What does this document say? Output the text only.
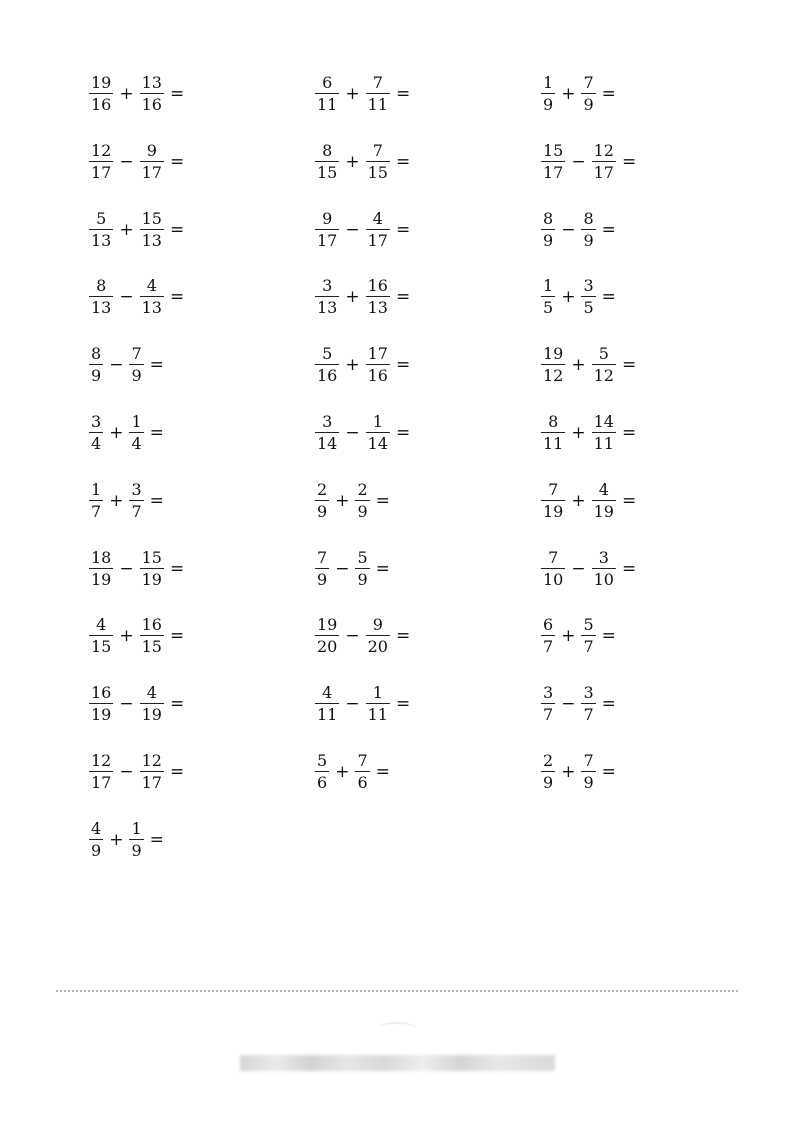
$\frac{19}{16} + \frac{13}{16}$ =	$\frac{6}{11} + \frac{7}{11}$ =	$\frac{1}{9} + \frac{7}{9}$ =
$\frac{12}{17} - \frac{9}{17}$ =	$\frac{8}{15} + \frac{7}{15}$ =	$\frac{15}{17} - \frac{12}{17}$ =
$\frac{5}{13} + \frac{15}{13}$ =	$\frac{9}{17} - \frac{4}{17}$ =	$\frac{8}{9} - \frac{8}{9}$ =
$\frac{8}{13} - \frac{4}{13}$ =	$\frac{3}{13} + \frac{16}{13}$ =	$\frac{1}{5} + \frac{3}{5}$ =
$\frac{8}{9} - \frac{7}{9}$ =	$\frac{5}{16} + \frac{17}{16}$ =	$\frac{19}{12} + \frac{5}{12}$ =
$\frac{3}{4} + \frac{1}{4}$ =	$\frac{3}{14} - \frac{1}{14}$ =	$\frac{8}{11} + \frac{14}{11}$ =
$\frac{1}{7} + \frac{3}{7}$ =	$\frac{2}{9} + \frac{2}{9}$ =	$\frac{7}{19} + \frac{4}{19}$ =
$\frac{18}{19} - \frac{15}{19}$ =	$\frac{7}{9} - \frac{5}{9}$ =	$\frac{7}{10} - \frac{3}{10}$ =
$\frac{4}{15} + \frac{16}{15}$ =	$\frac{19}{20} - \frac{9}{20}$ =	$\frac{6}{7} + \frac{5}{7}$ =
$\frac{16}{19} - \frac{4}{19}$ =	$\frac{4}{11} - \frac{1}{11}$ =	$\frac{3}{7} - \frac{3}{7}$ =
$\frac{12}{17} - \frac{12}{17}$ =	$\frac{5}{6} + \frac{7}{6}$ =	$\frac{2}{9} + \frac{7}{9}$ =
$\frac{4}{9} + \frac{1}{9}$ =
